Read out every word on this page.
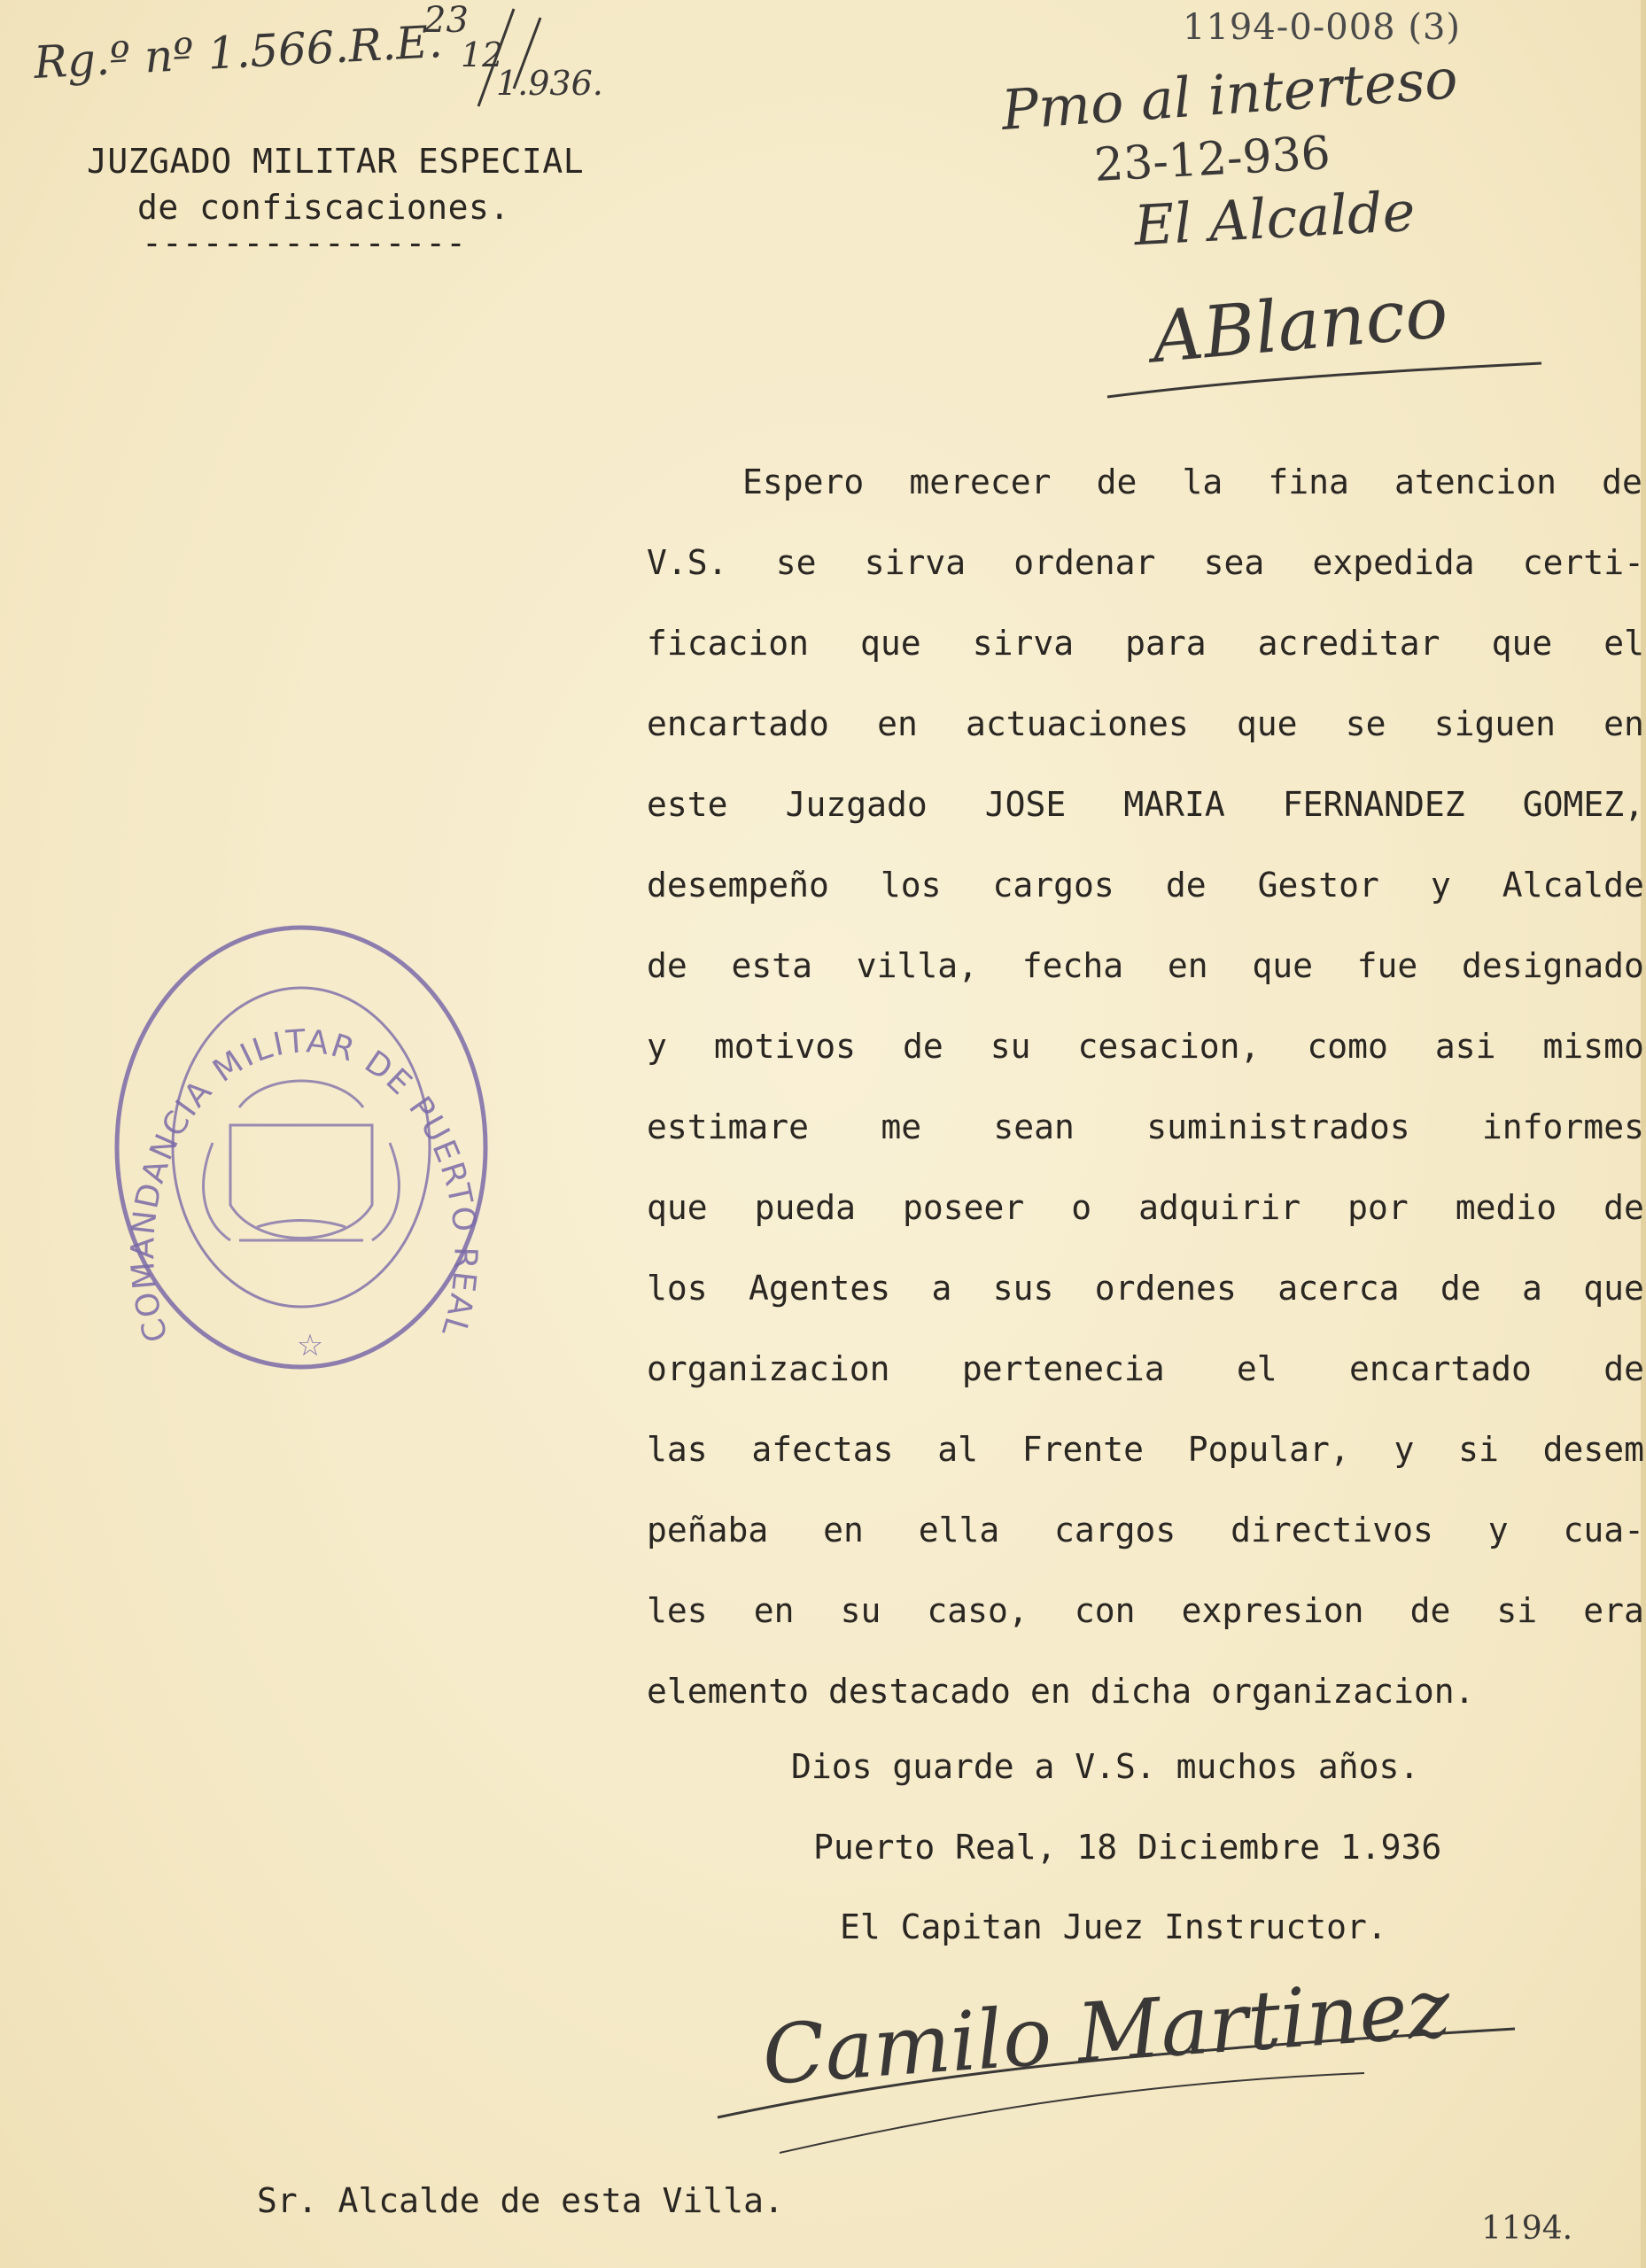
1194-0-008 (3)
Rg.º nº 1.566.R.E.
23
12
1.936.	Pmo al interteso
23-12-936
El Alcalde
ABlanco
JUZGADO MILITAR ESPECIAL
de confiscaciones.
----------------
Espero merecer de la fina atencion de
V.S. se sirva ordenar sea expedida certi-
ficacion que sirva para acreditar que el
encartado en actuaciones que se siguen en
este Juzgado JOSE MARIA FERNANDEZ GOMEZ,
desempeño los cargos de Gestor y Alcalde
de esta villa, fecha en que fue designado
y motivos de su cesacion, como asi mismo
estimare me sean suministrados informes
que pueda poseer o adquirir por medio de
los Agentes a sus ordenes acerca de a que
organizacion pertenecia el encartado de
las afectas al Frente Popular, y si desem
peñaba en ella cargos directivos y cua-
les en su caso, con expresion de si era
elemento destacado en dicha organizacion.
Dios guarde a V.S. muchos años.
Puerto Real, 18 Diciembre 1.936
El Capitan Juez Instructor.
Camilo Martinez
COMANDANCIA MILITAR DE PUERTO REAL
☆
Sr. Alcalde de esta Villa.
1194.
